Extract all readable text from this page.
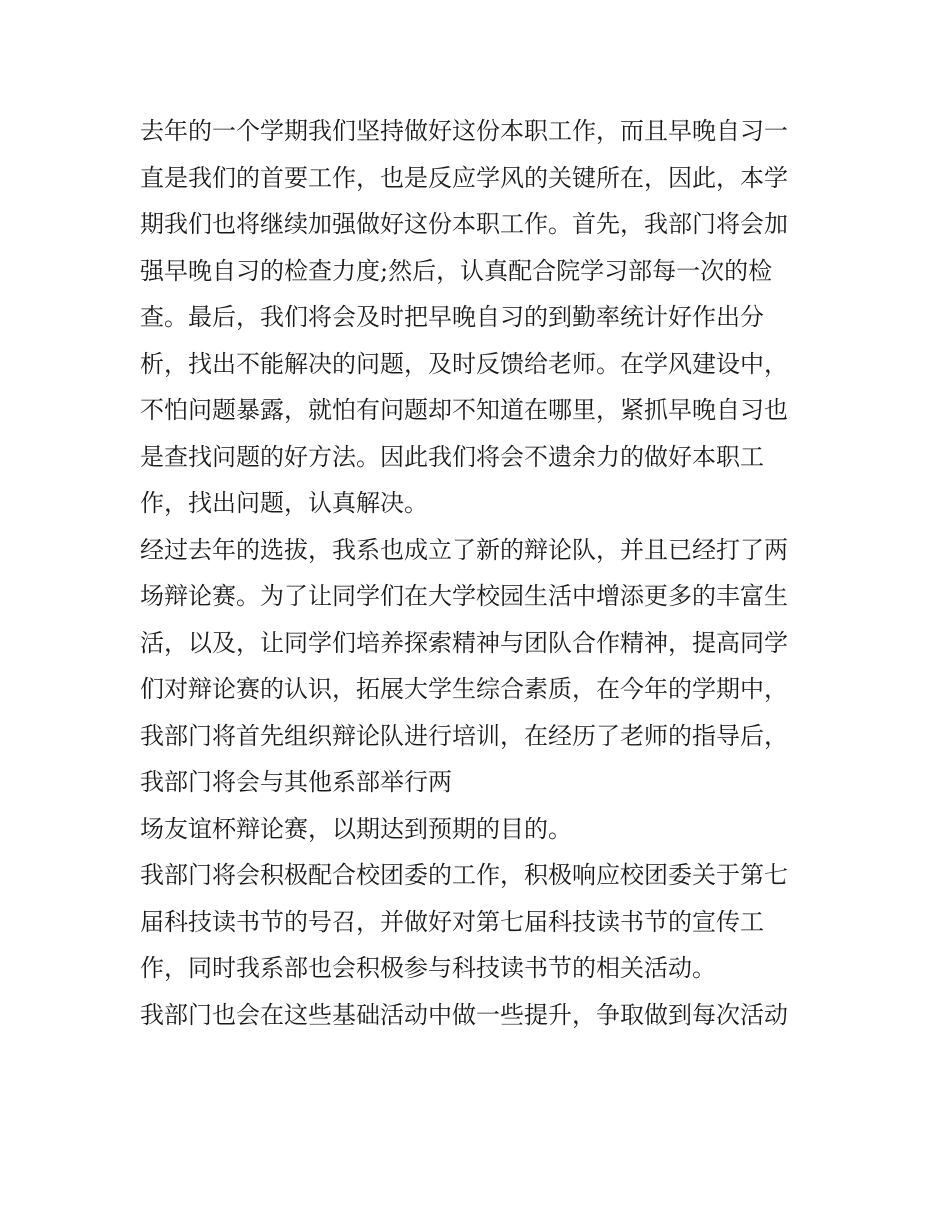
去年的一个学期我们坚持做好这份本职工作，而且早晚自习一
直是我们的首要工作，也是反应学风的关键所在，因此，本学
期我们也将继续加强做好这份本职工作。首先，我部门将会加
强早晚自习的检查力度;然后，认真配合院学习部每一次的检
查。最后，我们将会及时把早晚自习的到勤率统计好作出分
析，找出不能解决的问题，及时反馈给老师。在学风建设中，
不怕问题暴露，就怕有问题却不知道在哪里，紧抓早晚自习也
是查找问题的好方法。因此我们将会不遗余力的做好本职工
作，找出问题，认真解决。
经过去年的选拔，我系也成立了新的辩论队，并且已经打了两
场辩论赛。为了让同学们在大学校园生活中增添更多的丰富生
活，以及，让同学们培养探索精神与团队合作精神，提高同学
们对辩论赛的认识，拓展大学生综合素质，在今年的学期中，
我部门将首先组织辩论队进行培训，在经历了老师的指导后，
我部门将会与其他系部举行两
场友谊杯辩论赛，以期达到预期的目的。
我部门将会积极配合校团委的工作，积极响应校团委关于第七
届科技读书节的号召，并做好对第七届科技读书节的宣传工
作，同时我系部也会积极参与科技读书节的相关活动。
我部门也会在这些基础活动中做一些提升，争取做到每次活动
